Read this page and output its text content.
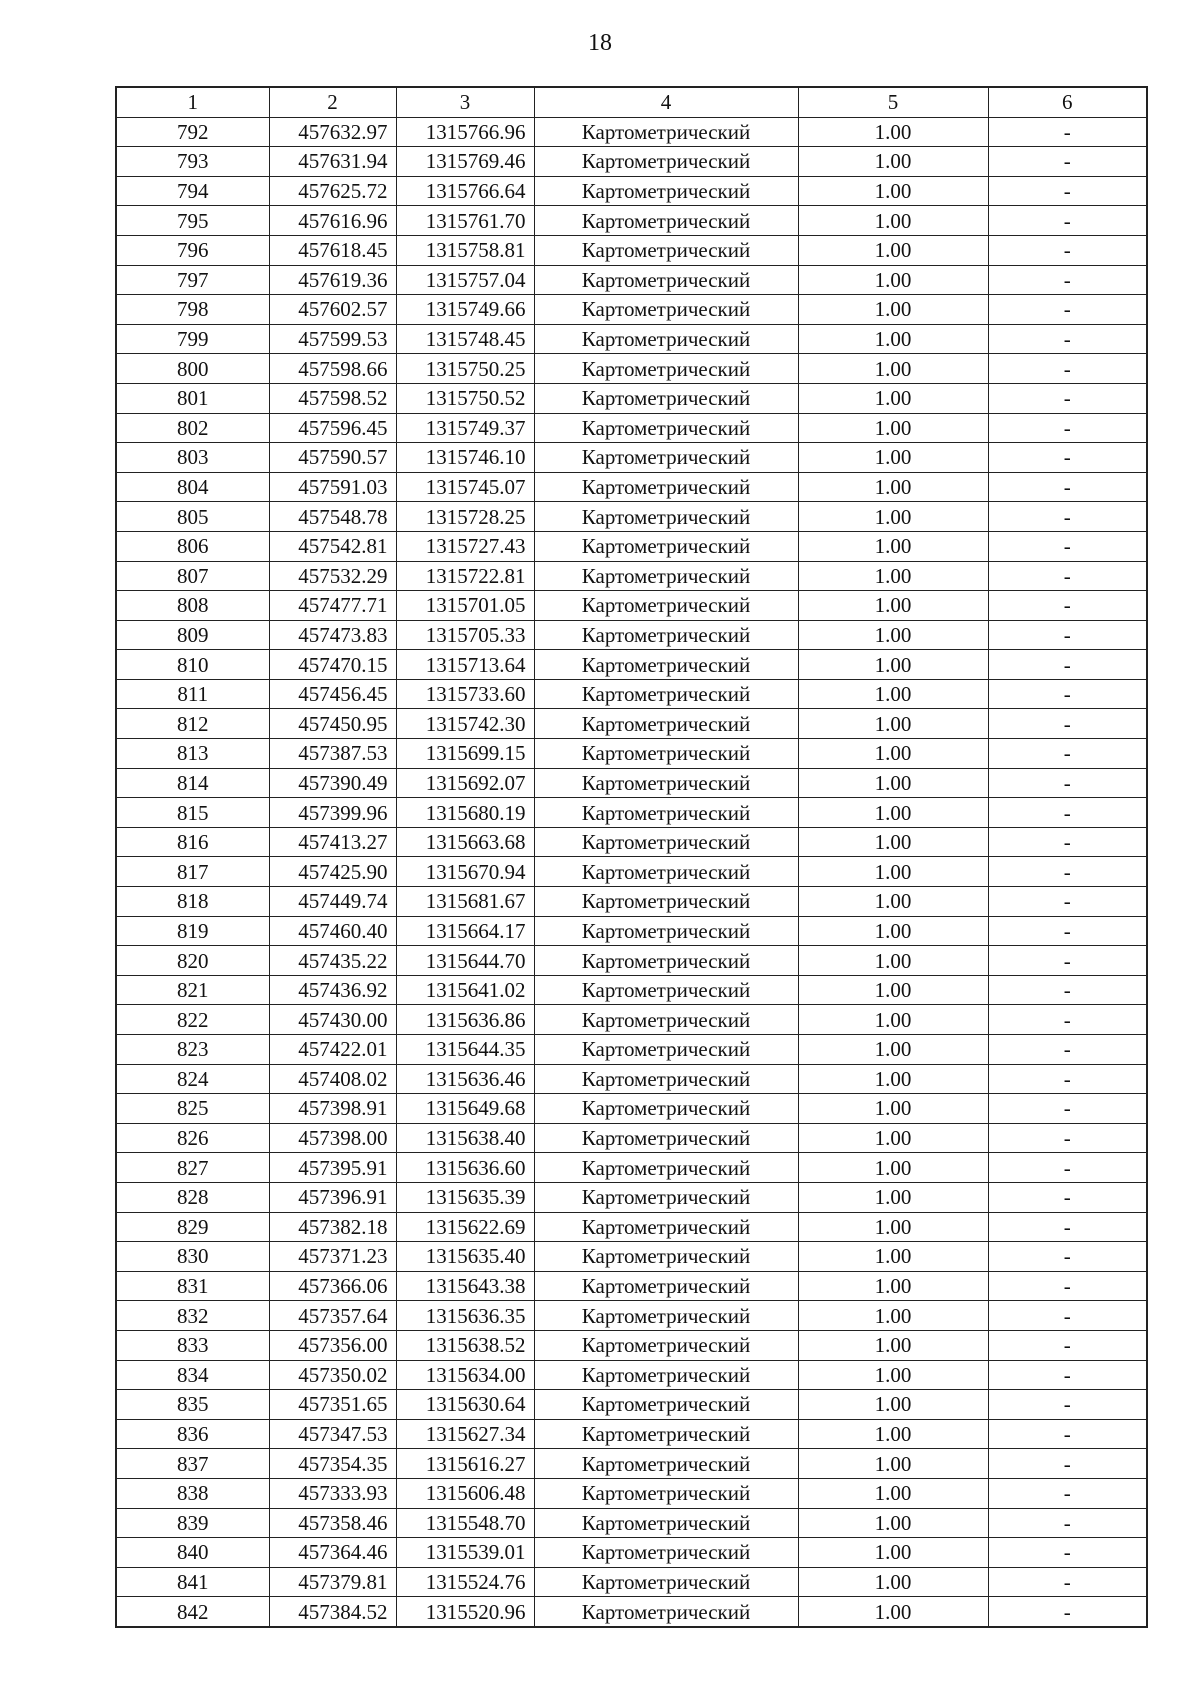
18
1	2	3	4	5	6
792	457632.97	1315766.96	Картометрический	1.00	-
793	457631.94	1315769.46	Картометрический	1.00	-
794	457625.72	1315766.64	Картометрический	1.00	-
795	457616.96	1315761.70	Картометрический	1.00	-
796	457618.45	1315758.81	Картометрический	1.00	-
797	457619.36	1315757.04	Картометрический	1.00	-
798	457602.57	1315749.66	Картометрический	1.00	-
799	457599.53	1315748.45	Картометрический	1.00	-
800	457598.66	1315750.25	Картометрический	1.00	-
801	457598.52	1315750.52	Картометрический	1.00	-
802	457596.45	1315749.37	Картометрический	1.00	-
803	457590.57	1315746.10	Картометрический	1.00	-
804	457591.03	1315745.07	Картометрический	1.00	-
805	457548.78	1315728.25	Картометрический	1.00	-
806	457542.81	1315727.43	Картометрический	1.00	-
807	457532.29	1315722.81	Картометрический	1.00	-
808	457477.71	1315701.05	Картометрический	1.00	-
809	457473.83	1315705.33	Картометрический	1.00	-
810	457470.15	1315713.64	Картометрический	1.00	-
811	457456.45	1315733.60	Картометрический	1.00	-
812	457450.95	1315742.30	Картометрический	1.00	-
813	457387.53	1315699.15	Картометрический	1.00	-
814	457390.49	1315692.07	Картометрический	1.00	-
815	457399.96	1315680.19	Картометрический	1.00	-
816	457413.27	1315663.68	Картометрический	1.00	-
817	457425.90	1315670.94	Картометрический	1.00	-
818	457449.74	1315681.67	Картометрический	1.00	-
819	457460.40	1315664.17	Картометрический	1.00	-
820	457435.22	1315644.70	Картометрический	1.00	-
821	457436.92	1315641.02	Картометрический	1.00	-
822	457430.00	1315636.86	Картометрический	1.00	-
823	457422.01	1315644.35	Картометрический	1.00	-
824	457408.02	1315636.46	Картометрический	1.00	-
825	457398.91	1315649.68	Картометрический	1.00	-
826	457398.00	1315638.40	Картометрический	1.00	-
827	457395.91	1315636.60	Картометрический	1.00	-
828	457396.91	1315635.39	Картометрический	1.00	-
829	457382.18	1315622.69	Картометрический	1.00	-
830	457371.23	1315635.40	Картометрический	1.00	-
831	457366.06	1315643.38	Картометрический	1.00	-
832	457357.64	1315636.35	Картометрический	1.00	-
833	457356.00	1315638.52	Картометрический	1.00	-
834	457350.02	1315634.00	Картометрический	1.00	-
835	457351.65	1315630.64	Картометрический	1.00	-
836	457347.53	1315627.34	Картометрический	1.00	-
837	457354.35	1315616.27	Картометрический	1.00	-
838	457333.93	1315606.48	Картометрический	1.00	-
839	457358.46	1315548.70	Картометрический	1.00	-
840	457364.46	1315539.01	Картометрический	1.00	-
841	457379.81	1315524.76	Картометрический	1.00	-
842	457384.52	1315520.96	Картометрический	1.00	-
